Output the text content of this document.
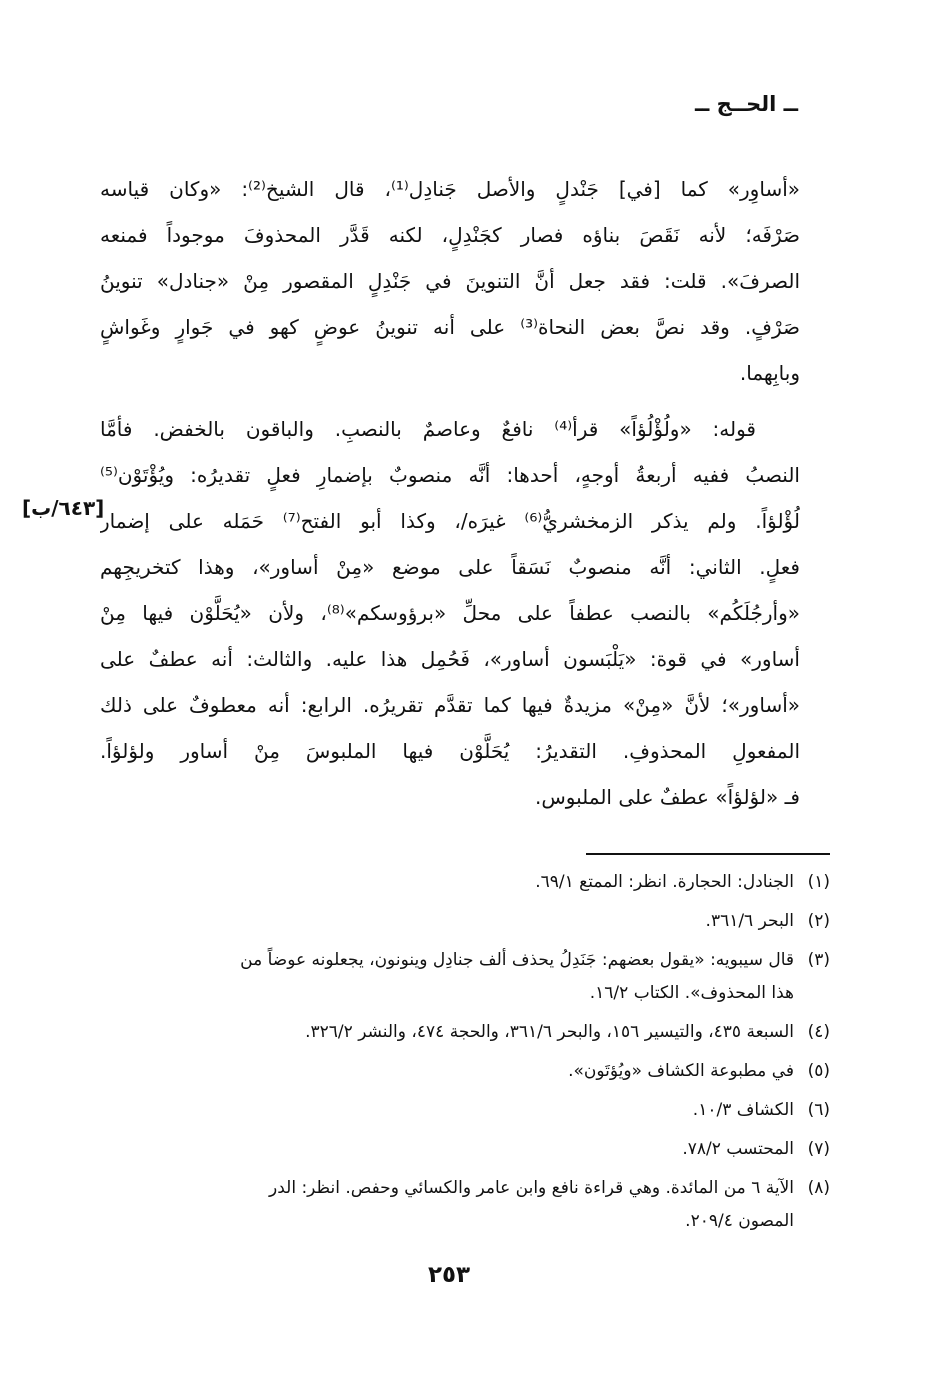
ــ الحــج ــ
[٦٤٣/ب]
«أساوِر» كما [في] جَنْدلٍ والأصل جَنادِل⁽¹⁾، قال الشيخ⁽²⁾: «وكان قياسه
صَرْفَه؛ لأنه نَقَصَ بناؤه فصار كجَنْدِلٍ، لكنه قَدَّر المحذوفَ موجوداً فمنعه
الصرفَ». قلت: فقد جعل أنَّ التنوينَ في جَنْدِلٍ المقصور مِنْ «جنادل» تنوينُ
صَرْفٍ. وقد نصَّ بعض النحاة⁽³⁾ على أنه تنوينُ عوضٍ كهو في جَوارٍ وغَواشٍ
وبابِهما.
قوله: «ولُؤْلُؤاً» قرأ⁽⁴⁾ نافعٌ وعاصمٌ بالنصبِ. والباقون بالخفض. فأمَّا
النصبُ ففيه أربعةُ أوجهٍ، أحدها: أنَّه منصوبٌ بإضمارِ فعلٍ تقديرُه: ويُؤْتَوْن⁽⁵⁾
لُؤْلؤاً. ولم يذكر الزمخشريُّ⁽⁶⁾ غيرَه/، وكذا أبو الفتح⁽⁷⁾ حَمَله على إضمار
فعلٍ. الثاني: أنَّه منصوبٌ نَسَقاً على موضع «مِنْ أساور»، وهذا كتخريجِهم
«وأرجُلَكُم» بالنصب عطفاً على محلِّ «برؤوسكم»⁽⁸⁾، ولأن «يُحَلَّوْن فيها مِنْ
أساور» في قوة: «يَلْبَسون أساور»، فَحُمِل هذا عليه. والثالث: أنه عطفٌ على
«أساور»؛ لأنَّ «مِنْ» مزيدةٌ فيها كما تقدَّم تقريرُه. الرابع: أنه معطوفٌ على ذلك
المفعولِ المحذوفِ. التقديرُ: يُحَلَّوْن فيها الملبوسَ مِنْ أساور ولؤلؤاً.
فـ «لؤلؤاً» عطفٌ على الملبوس.
(١)
الجنادل: الحجارة. انظر: الممتع ٦٩/١.
(٢)
البحر ٣٦١/٦.
(٣)
قال سيبويه: «يقول بعضهم: جَنَدِلُ يحذف ألف جنادِل وينونون، يجعلونه عوضاً من
هذا المحذوف». الكتاب ١٦/٢.
(٤)
السبعة ٤٣٥، والتيسير ١٥٦، والبحر ٣٦١/٦، والحجة ٤٧٤، والنشر ٣٢٦/٢.
(٥)
في مطبوعة الكشاف «ويُؤتَون».
(٦)
الكشاف ١٠/٣.
(٧)
المحتسب ٧٨/٢.
(٨)
الآية ٦ من المائدة. وهي قراءة نافع وابن عامر والكسائي وحفص. انظر: الدر
المصون ٢٠٩/٤.
٢٥٣
